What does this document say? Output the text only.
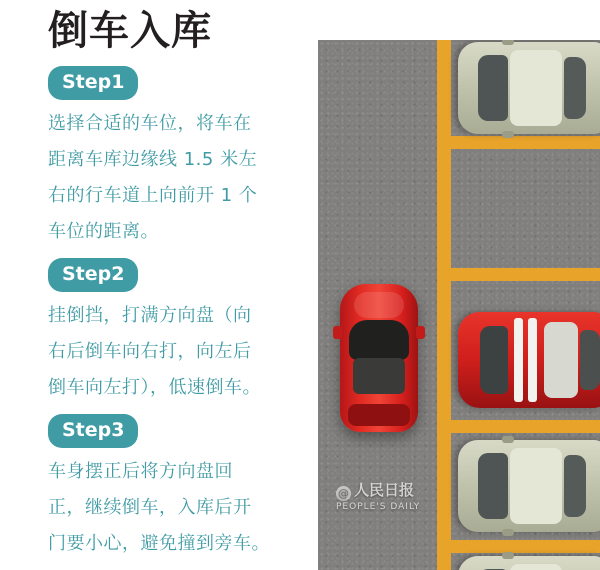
倒车入库
Step1

选择合适的车位，将车在
距离车库边缘线 1.5 米左
右的行车道上向前开 1 个
车位的距离。

Step2

挂倒挡，打满方向盘（向
右后倒车向右打，向左后
倒车向左打），低速倒车。

Step3

车身摆正后将方向盘回
正，继续倒车，入库后开
门要小心，避免撞到旁车。

@ 人民日报
PEOPLE'S DAILY
